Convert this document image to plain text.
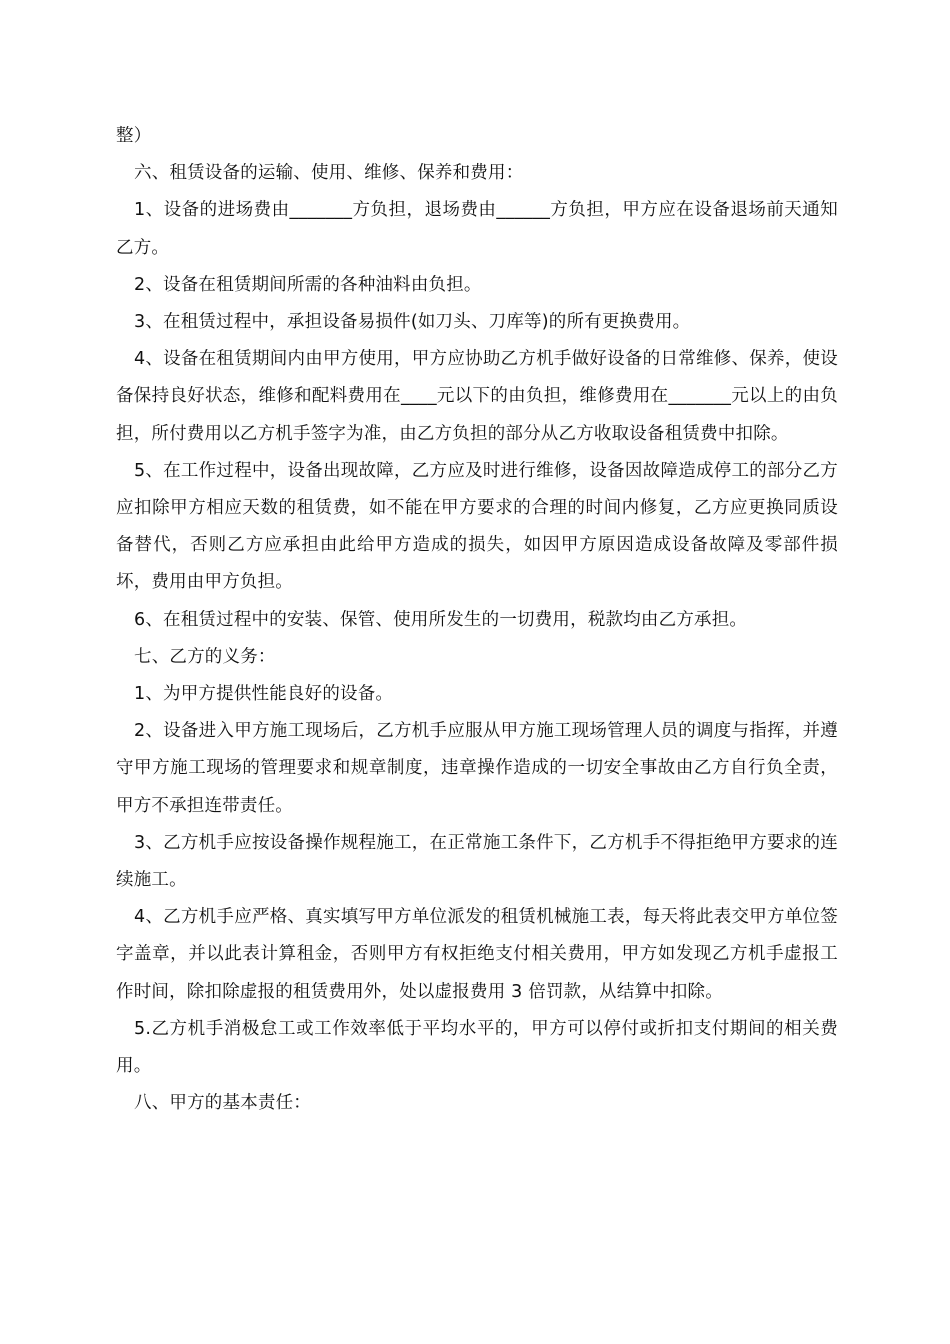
整）

六、租赁设备的运输、使用、维修、保养和费用：

1、设备的进场费由_______方负担，退场费由______方负担，甲方应在设备退场前天通知乙方。

2、设备在租赁期间所需的各种油料由负担。

3、在租赁过程中，承担设备易损件(如刀头、刀库等)的所有更换费用。

4、设备在租赁期间内由甲方使用，甲方应协助乙方机手做好设备的日常维修、保养，使设备保持良好状态，维修和配料费用在____元以下的由负担，维修费用在_______元以上的由负担，所付费用以乙方机手签字为准，由乙方负担的部分从乙方收取设备租赁费中扣除。

5、在工作过程中，设备出现故障，乙方应及时进行维修，设备因故障造成停工的部分乙方应扣除甲方相应天数的租赁费，如不能在甲方要求的合理的时间内修复，乙方应更换同质设备替代，否则乙方应承担由此给甲方造成的损失，如因甲方原因造成设备故障及零部件损坏，费用由甲方负担。

6、在租赁过程中的安装、保管、使用所发生的一切费用，税款均由乙方承担。

七、乙方的义务：

1、为甲方提供性能良好的设备。

2、设备进入甲方施工现场后，乙方机手应服从甲方施工现场管理人员的调度与指挥，并遵守甲方施工现场的管理要求和规章制度，违章操作造成的一切安全事故由乙方自行负全责，甲方不承担连带责任。

3、乙方机手应按设备操作规程施工，在正常施工条件下，乙方机手不得拒绝甲方要求的连续施工。

4、乙方机手应严格、真实填写甲方单位派发的租赁机械施工表，每天将此表交甲方单位签字盖章，并以此表计算租金，否则甲方有权拒绝支付相关费用，甲方如发现乙方机手虚报工作时间，除扣除虚报的租赁费用外，处以虚报费用 3 倍罚款，从结算中扣除。

5.乙方机手消极怠工或工作效率低于平均水平的，甲方可以停付或折扣支付期间的相关费用。

八、甲方的基本责任：
